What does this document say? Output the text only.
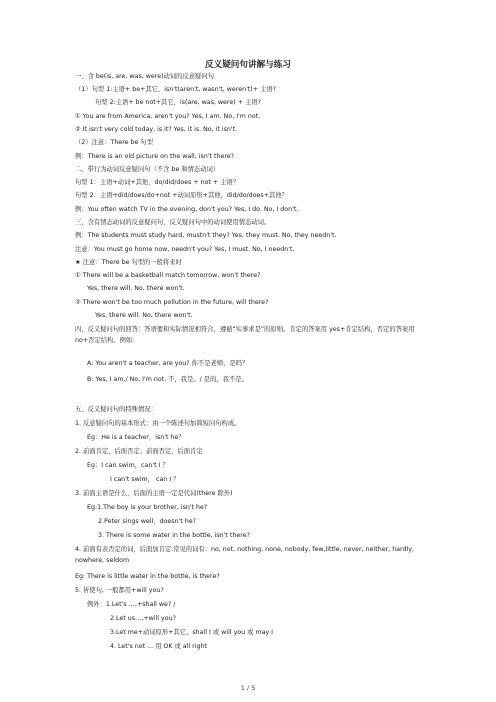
反义疑问句讲解与练习
一、含 be(is, are, was, were)动词的反意疑问句
（1）句型 1:主语+ be+其它，isn't(aren't, wasn't, weren't)+ 主语?
句型 2:主语+ be not+其它，is(are, was, were) + 主语?
① You are from America, aren't you? Yes, I am. No, I'm not.
② It isn't very cold today, is it? Yes, it is. No, it isn't.
（2）注意：There be 句型
例：There is an old picture on the wall, isn't there?
二、带行为动词反意疑问句（不含 be 和情态动词）
句型 1：主语+动词+其他，do/did/does + not + 主语？
句型 2：主语+did/does/do+not +动词原形+其他，did/do/does+其他？
例：You often watch TV in the evening, don't you? Yes, I do. No, I don't.
三、含有情态动词的反意疑问句，反义疑问句中的动词使用情态动词。
例：The students must study hard, mustn't they? Yes, they must. No, they needn't.
注意：You must go home now, needn't you? Yes, I must. No, I needn't.
★ 注意：There be 句型的一般将来时
① There will be a basketball match tomorrow, won't there?
Yes, there will. No, there won't.
② There won't be too much pollution in the future, will there?
Yes, there will. No, there won't.
四、反义疑问句的回答：答语要和实际情况相符合，遵循“实事求是”的原则。肯定的答案用 yes+肯定结构，否定的答案用 no+否定结构。例如：
A: You aren't a teacher, are you? 你不是老师，是吗？
B: Yes, I am./ No, I'm not. 不，我是。/ 是的，我不是。
五、反义疑问句的特殊情况：
1. 反意疑问句的基本形式：由一个陈述句加简短问句构成。
Eg：He is a teacher，isn't he？
2. 前面肯定，后面否定；前面否定，后面肯定
Eg：I can swim，can't I ？
I can't swim， can I ？
3. 前面主语是什么，后面的主语一定是代词(there 除外)
Eg:1.The boy is your brother, isn't he?
2.Peter sings well，doesn't he?
3. There is some water in the bottle, isn't there?
4. 前面有表否定的词，后面加肯定.常见的词有：no, not, nothing, none, nobody, few,little, never, neither, hardly, nowhere, seldom
Eg: There is little water in the bottle, is there?
5. 祈使句, 一般都用+will you?
例外：1.Let's …,+shall we? /
2.Let us…,+will you?
3.Let me+动词原形+其它，shall I 或 will you 或 may I
4. Let's not ... 用 OK 或 all right
1 / 5
